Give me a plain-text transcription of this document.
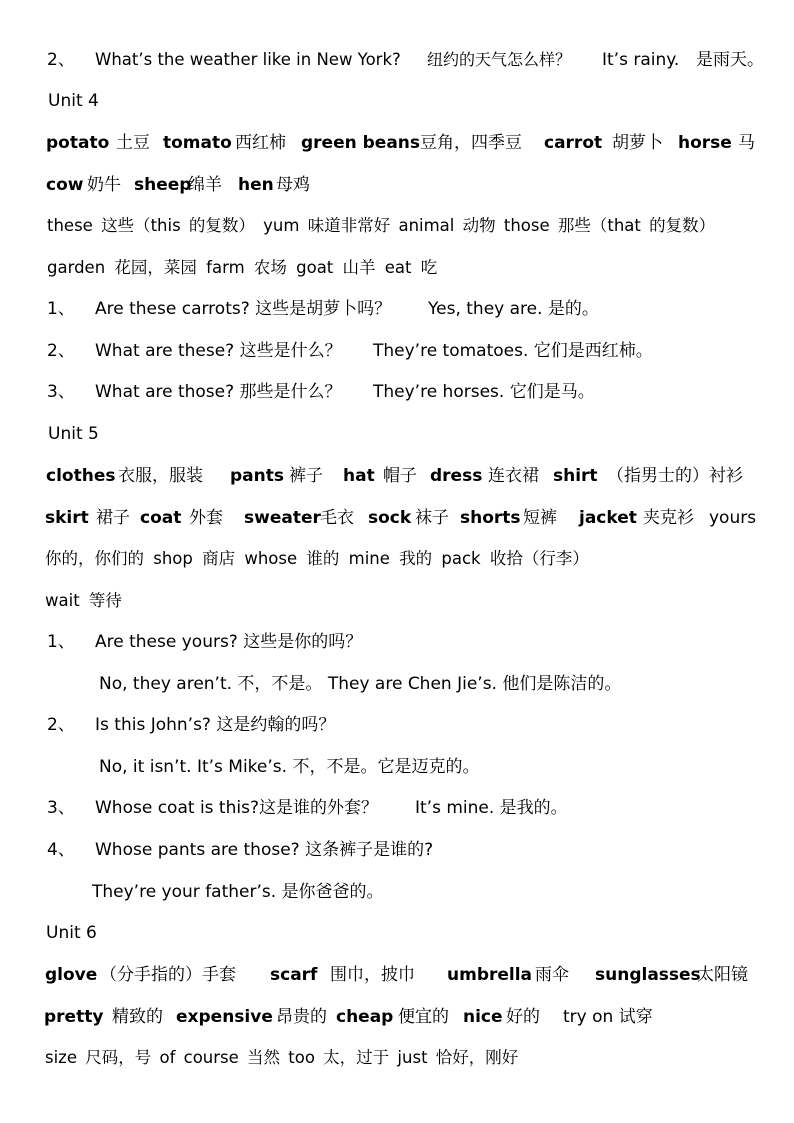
2、 What’s the weather like in New York? 纽约的天气怎么样？ It’s rainy. 是雨天。
Unit 4
potato 土豆 tomato 西红柿 green beans 豆角，四季豆 carrot 胡萝卜 horse 马
cow 奶牛 sheep
绵羊 hen 母鸡
these 这些（this 的复数） yum 味道非常好 animal 动物 those 那些（that 的复数）
garden 花园，菜园 farm 农场 goat 山羊 eat 吃
1、 Are these carrots? 这些是胡萝卜吗？ Yes, they are. 是的。
2、 What are these? 这些是什么？ They’re tomatoes. 它们是西红柿。
3、 What are those? 那些是什么？ They’re horses. 它们是马。
Unit 5
clothes 衣服，服装 pants 裤子 hat 帽子 dress 连衣裙 shirt （指男士的）衬衫
skirt 裙子 coat 外套 sweater 毛衣 sock 袜子 shorts 短裤 jacket 夹克衫 yours
你的，你们的 shop 商店 whose 谁的 mine 我的 pack 收拾（行李）
wait 等待
1、 Are these yours? 这些是你的吗？
No, they aren’t. 不，不是。 They are Chen Jie’s. 他们是陈洁的。
2、 Is this John’s? 这是约翰的吗？
No, it isn’t. It’s Mike’s. 不，不是。它是迈克的。
3、 Whose coat is this?这是谁的外套？ It’s mine. 是我的。
4、 Whose pants are those? 这条裤子是谁的?
They’re your father’s. 是你爸爸的。
Unit 6
glove （分手指的）手套 scarf 围巾，披巾 umbrella 雨伞 sunglasses
太阳镜
pretty 精致的 expensive 昂贵的 cheap 便宜的 nice 好的 try on 试穿
size 尺码，号 of course 当然 too 太，过于 just 恰好，刚好
